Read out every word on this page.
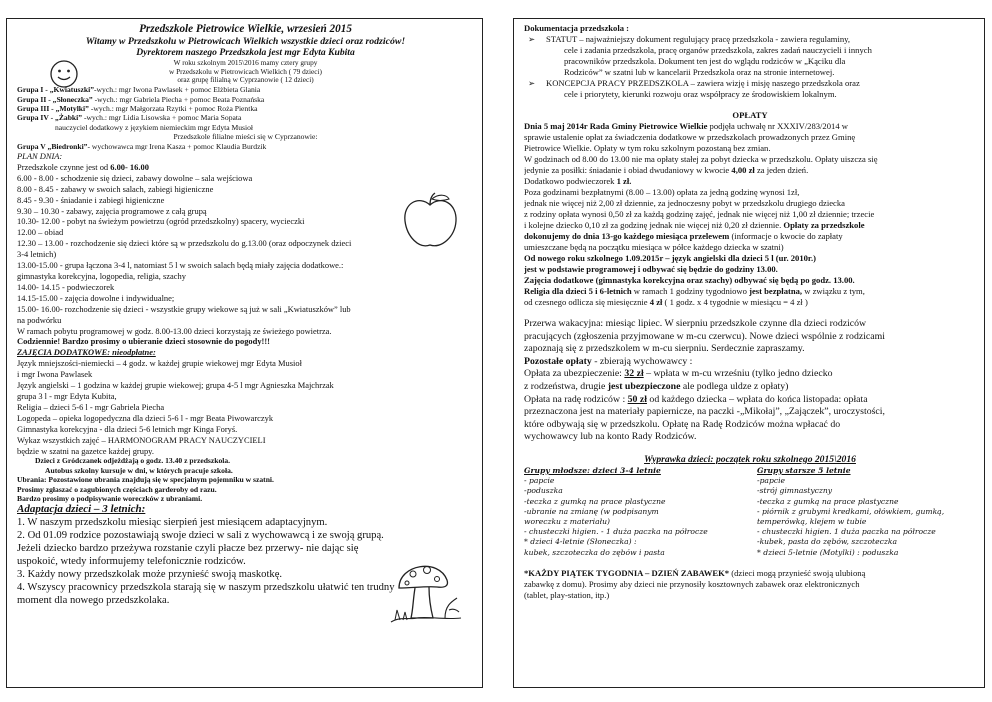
Przedszkole Pietrowice Wielkie, wrzesień 2015
Witamy w Przedszkolu w Pietrowicach Wielkich wszystkie dzieci oraz rodziców!
Dyrektorem naszego Przedszkola jest mgr Edyta Kubita
W roku szkolnym 2015\2016 mamy cztery grupy
w Przedszkolu w Pietrowicach Wielkich ( 79 dzieci)
oraz grupę filialną w Cyprzanowie ( 12 dzieci)
Grupa I - „Kwiatuszki”-wych.: mgr Iwona Pawlasek + pomoc Elżbieta Glania
Grupa II - „Słoneczka” -wych.: mgr Gabriela Piecha + pomoc Beata Poznańska
Grupa III - „Motylki” -wych.: mgr Małgorzata Rzytki + pomoc Roża Pientka
Grupa IV - „Żabki” -wych.: mgr Lidia Lisowska + pomoc Maria Sopata
nauczyciel dodatkowy z językiem niemieckim mgr Edyta Musioł
Przedszkole filialne mieści się w Cyprzanowie:
Grupa V „Biedronki”- wychowawca mgr Irena Kasza + pomoc Klaudia Burdzik
PLAN DNIA:
Przedszkole czynne jest od 6.00- 16.00
6.00 - 8.00 - schodzenie się dzieci, zabawy dowolne – sala wejściowa
8.00 - 8.45 - zabawy w swoich salach, zabiegi higieniczne
8.45 - 9.30 - śniadanie i zabiegi higieniczne
9.30 – 10.30 - zabawy, zajęcia programowe z całą grupą
10.30- 12.00 - pobyt na świeżym powietrzu (ogród przedszkolny) spacery, wycieczki
12.00 – obiad
12.30 – 13.00 - rozchodzenie się dzieci które są w przedszkolu do g.13.00 (oraz odpoczynek dzieci
3-4 letnich)
13.00-15.00 - grupa łączona 3-4 l, natomiast 5 l w swoich salach będą miały zajęcia dodatkowe.:
gimnastyka korekcyjna, logopedia, religia, szachy
14.00- 14.15 - podwieczorek
14.15-15.00 - zajęcia dowolne i indywidualne;
15.00- 16.00- rozchodzenie się dzieci - wszystkie grupy wiekowe są już w sali „Kwiatuszków” lub
na podwórku
W ramach pobytu programowej w godz. 8.00-13.00 dzieci korzystają ze świeżego powietrza.
Codziennie! Bardzo prosimy o ubieranie dzieci stosownie do pogody!!!
ZAJĘCIA DODATKOWE: nieodpłatne:
Język mniejszości-niemiecki – 4 godz. w każdej grupie wiekowej mgr Edyta Musioł
i mgr Iwona Pawlasek
Język angielski – 1 godzina w każdej grupie wiekowej; grupa 4-5 l mgr Agnieszka Majchrzak
grupa 3 l - mgr Edyta Kubita,
Religia – dzieci 5-6 l - mgr Gabriela Piecha
Logopeda – opieka logopedyczna dla dzieci 5-6 l - mgr Beata Piwowarczyk
Gimnastyka korekcyjna - dla dzieci 5-6 letnich mgr Kinga Foryś.
Wykaz wszystkich zajęć – HARMONOGRAM PRACY NAUCZYCIELI
będzie w szatni na gazetce każdej grupy.
Dzieci z Gródczanek odjeżdżają o godz. 13.40 z przedszkola.
Autobus szkolny kursuje w dni, w których pracuje szkoła.
Ubrania: Pozostawione ubrania znajdują się w specjalnym pojemniku w szatni.
Prosimy zgłaszać o zagubionych częściach garderoby od razu.
Bardzo prosimy o podpisywanie woreczków z ubraniami.
Adaptacja dzieci – 3 letnich:
1. W naszym przedszkolu miesiąc sierpień jest miesiącem adaptacyjnym.
2. Od 01.09 rodzice pozostawiają swoje dzieci w sali z wychowawcą i ze swoją grupą.
Jeżeli dziecko bardzo przeżywa rozstanie czyli płacze bez przerwy- nie dając się
uspokoić, wtedy informujemy telefonicznie rodziców.
3. Każdy nowy przedszkolak może przynieść swoją maskotkę.
4. Wszyscy pracownicy przedszkola starają się w naszym przedszkolu ułatwić ten trudny
moment dla nowego przedszkolaka.
Dokumentacja przedszkola :
➢ STATUT – najważniejszy dokument regulujący pracę przedszkola - zawiera regulaminy,
cele i zadania przedszkola, pracę organów przedszkola, zakres zadań nauczycieli i innych
pracowników przedszkola. Dokument ten jest do wglądu rodziców w „Kąciku dla
Rodziców” w szatni lub w kancelarii Przedszkola oraz na stronie internetowej.
➢ KONCEPCJA PRACY PRZEDSZKOLA – zawiera wizję i misję naszego przedszkola oraz
cele i priorytety, kierunki rozwoju oraz współpracy ze środowiskiem lokalnym.
OPŁATY
Dnia 5 maj 2014r Rada Gminy Pietrowice Wielkie podjęła uchwałę nr XXXIV/283/2014 w
sprawie ustalenie opłat za świadczenia dodatkowe w przedszkolach prowadzonych przez Gminę
Pietrowice Wielkie. Opłaty w tym roku szkolnym pozostaną bez zmian.
W godzinach od 8.00 do 13.00 nie ma opłaty stałej za pobyt dziecka w przedszkolu. Opłaty uiszcza się
jedynie za posiłki: śniadanie i obiad dwudaniowy w kwocie 4,00 zł za jeden dzień.
Dodatkowo podwieczorek 1 zł.
Poza godzinami bezpłatnymi (8.00 – 13.00) opłata za jedną godzinę wynosi 1zł,
jednak nie więcej niż 2,00 zł dziennie, za jednoczesny pobyt w przedszkolu drugiego dziecka
z rodziny opłata wynosi 0,50 zł za każdą godzinę zajęć, jednak nie więcej niż 1,00 zł dziennie; trzecie
i kolejne dziecko 0,10 zł za godzinę jednak nie więcej niż 0,20 zł dziennie. Opłaty za przedszkole
dokonujemy do dnia 13-go każdego miesiąca przelewem (informacje o kwocie do zapłaty
umieszczane będą na początku miesiąca w półce każdego dziecka w szatni)
Od nowego roku szkolnego 1.09.2015r – język angielski dla dzieci 5 l (ur. 2010r.)
jest w podstawie programowej i odbywać się będzie do godziny 13.00.
Zajęcia dodatkowe (gimnastyka korekcyjna oraz szachy) odbywać się będą po godz. 13.00.
Religia dla dzieci 5 i 6-letnich w ramach 1 godziny tygodniowo jest bezpłatna, w związku z tym,
od czesnego odlicza się miesięcznie 4 zł ( 1 godz. x 4 tygodnie w miesiącu = 4 zł )
Przerwa wakacyjna: miesiąc lipiec. W sierpniu przedszkole czynne dla dzieci rodziców
pracujących (zgłoszenia przyjmowane w m-cu czerwcu). Nowe dzieci wspólnie z rodzicami
zapoznają się z przedszkolem w m-cu sierpniu. Serdecznie zapraszamy.
Pozostałe opłaty - zbierają wychowawcy :
Opłata za ubezpieczenie: 32 zł – wpłata w m-cu wrześniu (tylko jedno dziecko
z rodzeństwa, drugie jest ubezpieczone ale podlega uldze z opłaty)
Opłata na radę rodziców : 50 zł od każdego dziecka – wpłata do końca listopada: opłata
przeznaczona jest na materiały papiernicze, na paczki -„Mikołaj”, „Zajączek”, uroczystości,
które odbywają się w przedszkolu. Opłatę na Radę Rodziców można wpłacać do
wychowawcy lub na konto Rady Rodziców.
Wyprawka dzieci: początek roku szkolnego 2015\2016
Grupy młodsze: dzieci 3-4 letnie
- papcie
-poduszka
-teczka z gumką na prace plastyczne
-ubranie na zmianę (w podpisanym
woreczku z materiału)
- chusteczki higien. - 1 duża paczka na półrocze
* dzieci 4-letnie (Słoneczka) :
kubek, szczoteczka do zębów i pasta
Grupy starsze 5 letnie
-papcie
-strój gimnastyczny
-teczka z gumką na prace plastyczne
- piórnik z grubymi kredkami, ołówkiem, gumką,
temperówką, klejem w tubie
- chusteczki higien. 1 duża paczka na półrocze
-kubek, pasta do zębów, szczoteczka
* dzieci 5-letnie (Motylki) : poduszka
*KAŻDY PIĄTEK TYGODNIA – DZIEŃ ZABAWEK* (dzieci mogą przynieść swoją ulubioną
zabawkę z domu). Prosimy aby dzieci nie przynosiły kosztownych zabawek oraz elektronicznych
(tablet, play-station, itp.)
